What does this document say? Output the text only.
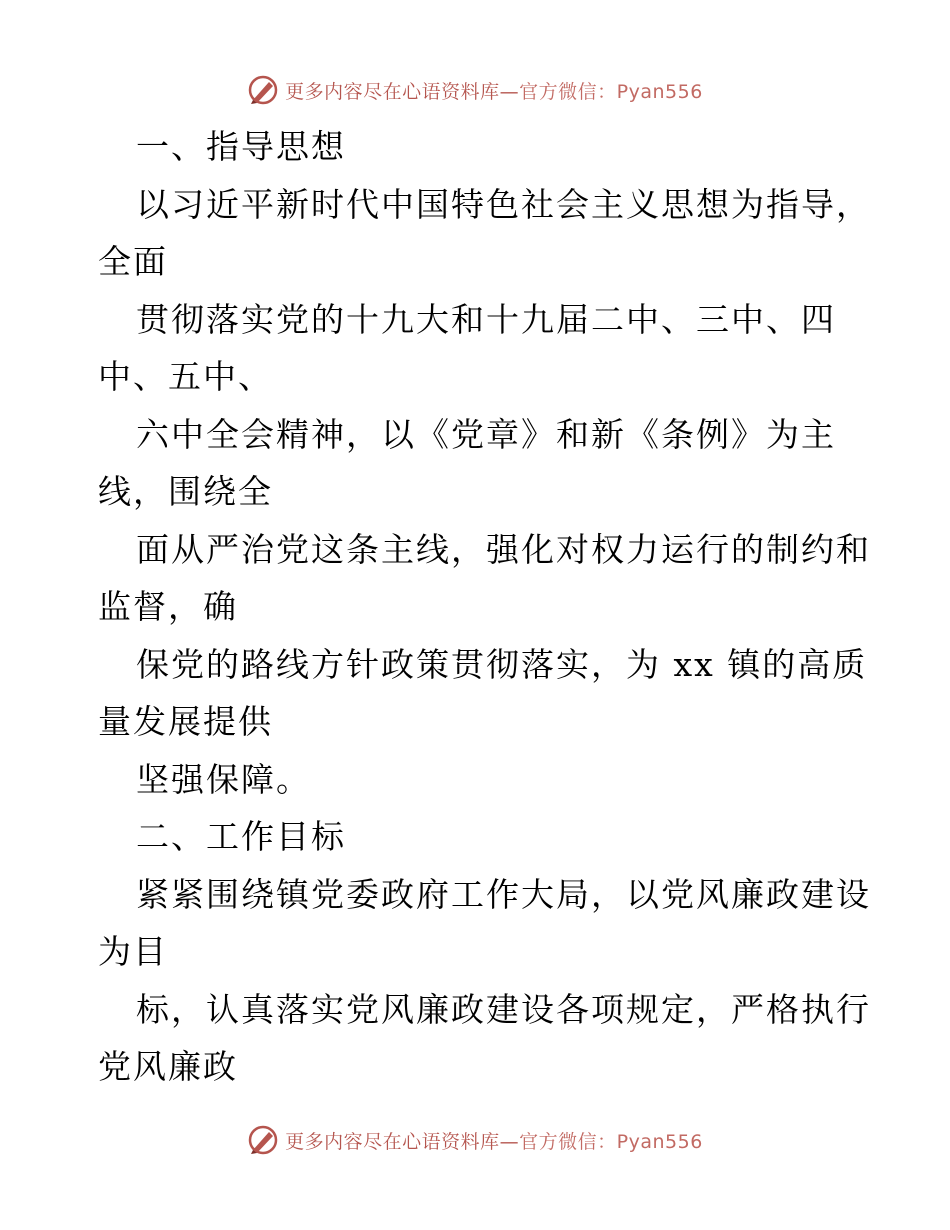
更多内容尽在心语资料库— 官方微信：Pyan556
一、指导思想
以习近平新时代中国特色社会主义思想为指导，
全面
贯彻落实党的十九大和十九届二中、三中、四
中、五中、
六中全会精神，以《党章》和新《条例》为主
线，围绕全
面从严治党这条主线，强化对权力运行的制约和
监督，确
保党的路线方针政策贯彻落实，为 xx 镇的高质
量发展提供
坚强保障。
二、工作目标
紧紧围绕镇党委政府工作大局，以党风廉政建设
为目
标，认真落实党风廉政建设各项规定，严格执行
党风廉政
更多内容尽在心语资料库— 官方微信：Pyan556
